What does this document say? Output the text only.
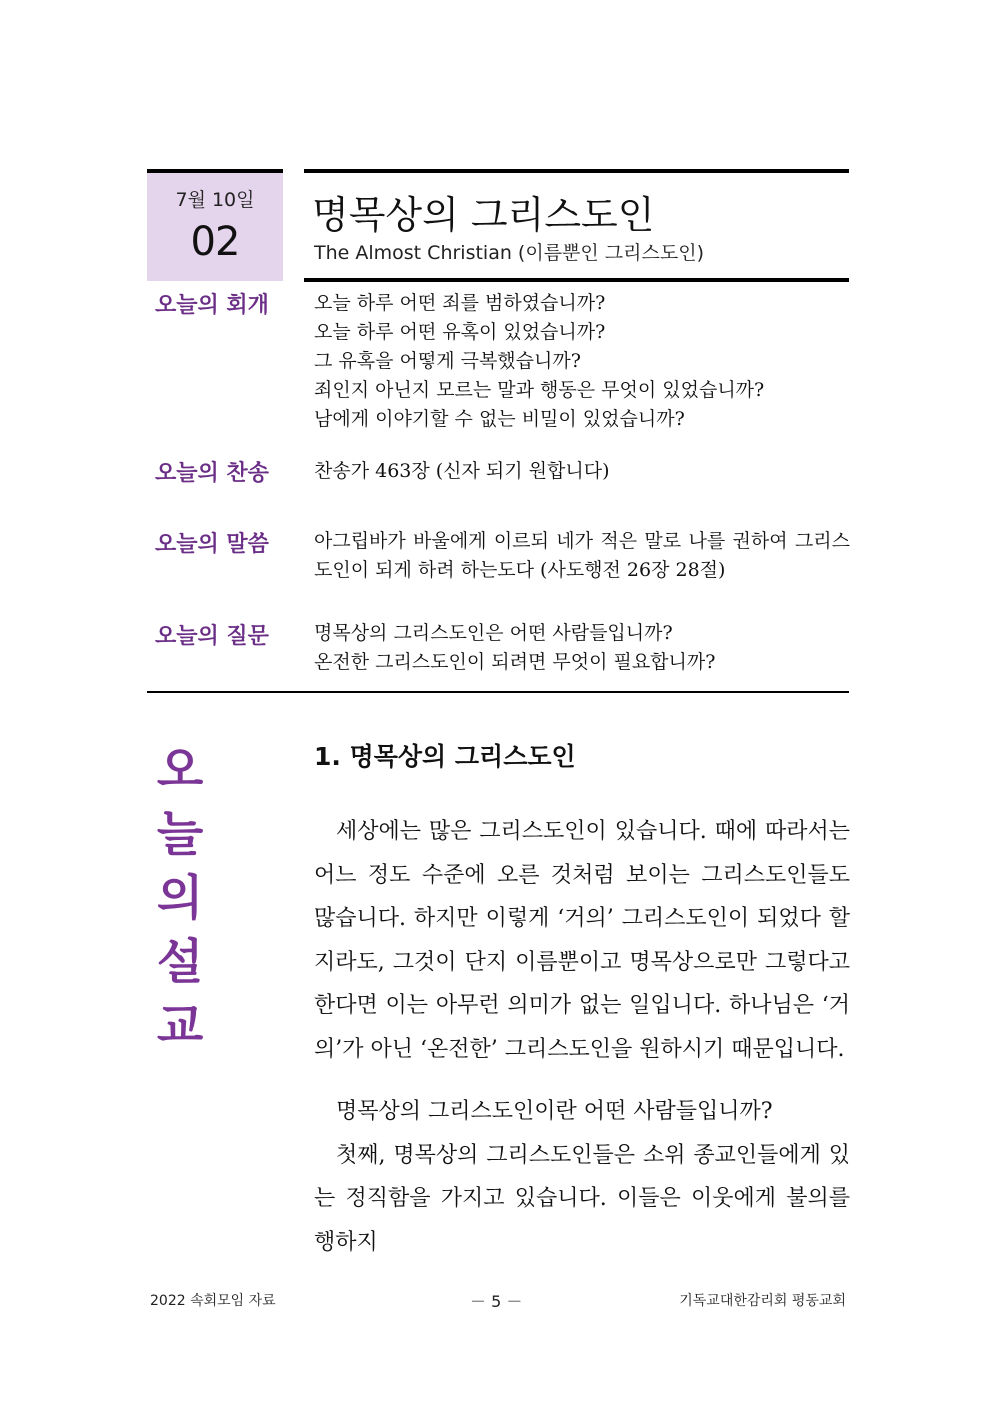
7월 10일
02
명목상의 그리스도인
The Almost Christian (이름뿐인 그리스도인)
오늘의 회개 오늘 하루 어떤 죄를 범하였습니까?
오늘 하루 어떤 유혹이 있었습니까?
그 유혹을 어떻게 극복했습니까?
죄인지 아닌지 모르는 말과 행동은 무엇이 있었습니까?
남에게 이야기할 수 없는 비밀이 있었습니까?
오늘의 찬송 찬송가 463장 (신자 되기 원합니다)
오늘의 말씀 아그립바가 바울에게 이르되 네가 적은 말로 나를 권하여 그리스도인이 되게 하려 하는도다 (사도행전 26장 28절)
오늘의 질문 명목상의 그리스도인은 어떤 사람들입니까?
온전한 그리스도인이 되려면 무엇이 필요합니까?
오
늘
의
설
교
1. 명목상의 그리스도인

세상에는 많은 그리스도인이 있습니다. 때에 따라서는 어느 정도 수준에 오른 것처럼 보이는 그리스도인들도 많습니다. 하지만 이렇게 ‘거의’ 그리스도인이 되었다 할지라도, 그것이 단지 이름뿐이고 명목상으로만 그렇다고 한다면 이는 아무런 의미가 없는 일입니다. 하나님은 ‘거의’가 아닌 ‘온전한’ 그리스도인을 원하시기 때문입니다.

명목상의 그리스도인이란 어떤 사람들입니까?

첫째, 명목상의 그리스도인들은 소위 종교인들에게 있는 정직함을 가지고 있습니다. 이들은 이웃에게 불의를 행하지

2022 속회모임 자료	－ 5 －	기독교대한감리회 평동교회
